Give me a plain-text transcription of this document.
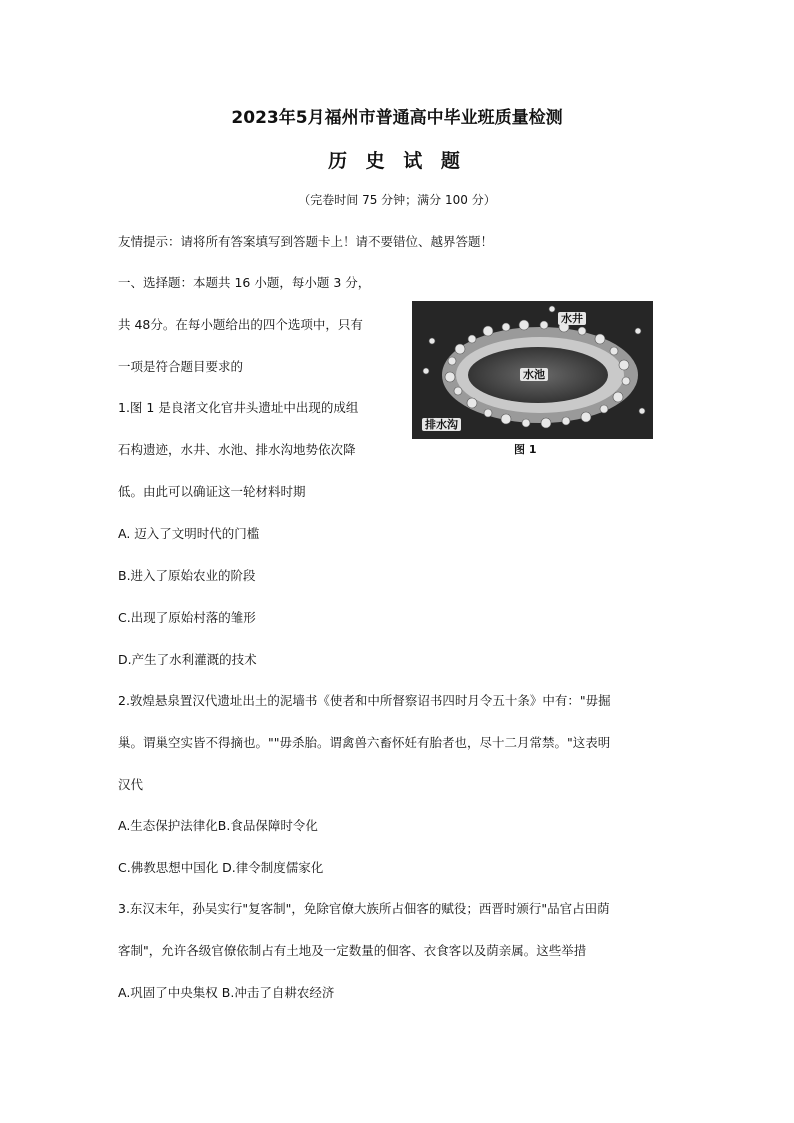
2023年5月福州市普通高中毕业班质量检测
历 史 试 题
（完卷时间 75 分钟；满分 100 分）
友情提示：请将所有答案填写到答题卡上！请不要错位、越界答题！
一、选择题：本题共 16 小题，每小题 3 分，
共 48分。在每小题给出的四个选项中，只有
一项是符合题目要求的
水井
水池
排水沟
图 1
1.图 1 是良渚文化官井头遗址中出现的成组
石构遗迹，水井、水池、排水沟地势依次降
低。由此可以确证这一轮材料时期
A. 迈入了文明时代的门槛
B.进入了原始农业的阶段
C.出现了原始村落的雏形
D.产生了水利灌溉的技术
2.敦煌悬泉置汉代遗址出土的泥墙书《使者和中所督察诏书四时月令五十条》中有："毋掘
巢。谓巢空实皆不得摘也。""毋杀胎。谓禽兽六畜怀妊有胎者也，尽十二月常禁。"这表明
汉代
A.生态保护法律化B.食品保障时令化
C.佛教思想中国化 D.律令制度儒家化
3.东汉末年，孙吴实行"复客制"，免除官僚大族所占佃客的赋役；西晋时颁行"品官占田荫
客制"，允许各级官僚依制占有土地及一定数量的佃客、衣食客以及荫亲属。这些举措
A.巩固了中央集权 B.冲击了自耕农经济
